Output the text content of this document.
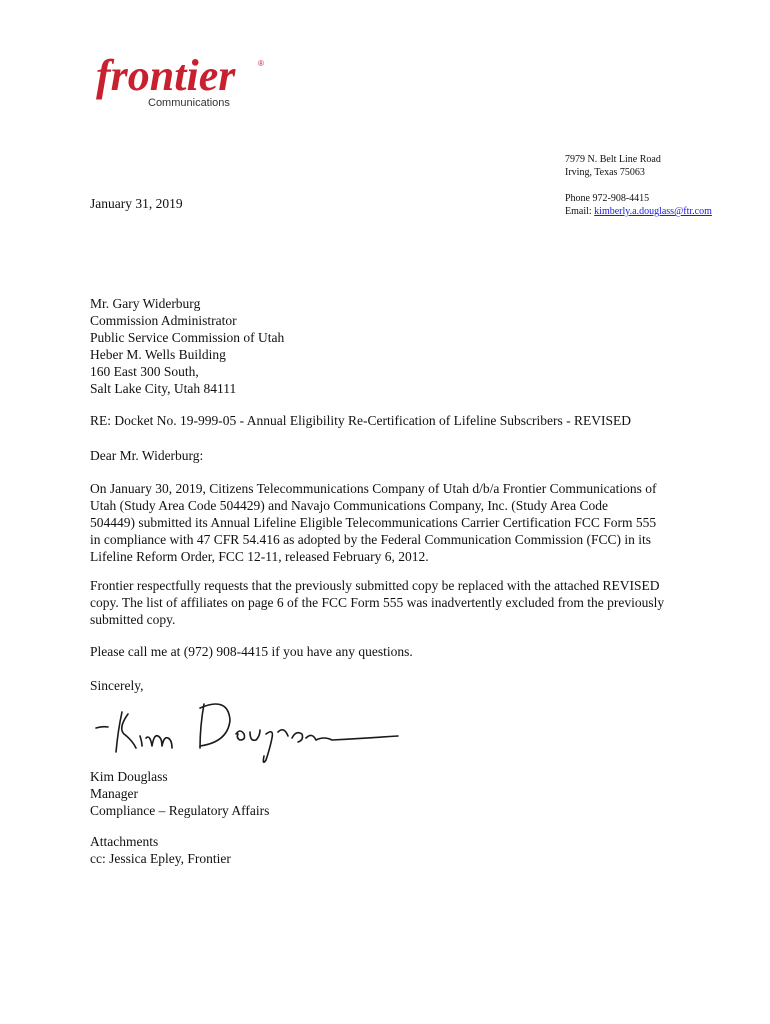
frontier	®
Communications
7979 N. Belt Line Road
Irving, Texas 75063
Phone 972-908-4415
Email: kimberly.a.douglass@ftr.com
January 31, 2019
Mr. Gary Widerburg
Commission Administrator
Public Service Commission of Utah
Heber M. Wells Building
160 East 300 South,
Salt Lake City, Utah 84111
RE: Docket No. 19-999-05 - Annual Eligibility Re-Certification of Lifeline Subscribers - REVISED
Dear Mr. Widerburg:
On January 30, 2019, Citizens Telecommunications Company of Utah d/b/a Frontier Communications of
Utah (Study Area Code 504429) and Navajo Communications Company, Inc. (Study Area Code
504449) submitted its Annual Lifeline Eligible Telecommunications Carrier Certification FCC Form 555
in compliance with 47 CFR 54.416 as adopted by the Federal Communication Commission (FCC) in its
Lifeline Reform Order, FCC 12-11, released February 6, 2012.
Frontier respectfully requests that the previously submitted copy be replaced with the attached REVISED
copy. The list of affiliates on page 6 of the FCC Form 555 was inadvertently excluded from the previously
submitted copy.
Please call me at (972) 908-4415 if you have any questions.
Sincerely,
Kim Douglass
Manager
Compliance – Regulatory Affairs
Attachments
cc: Jessica Epley, Frontier
